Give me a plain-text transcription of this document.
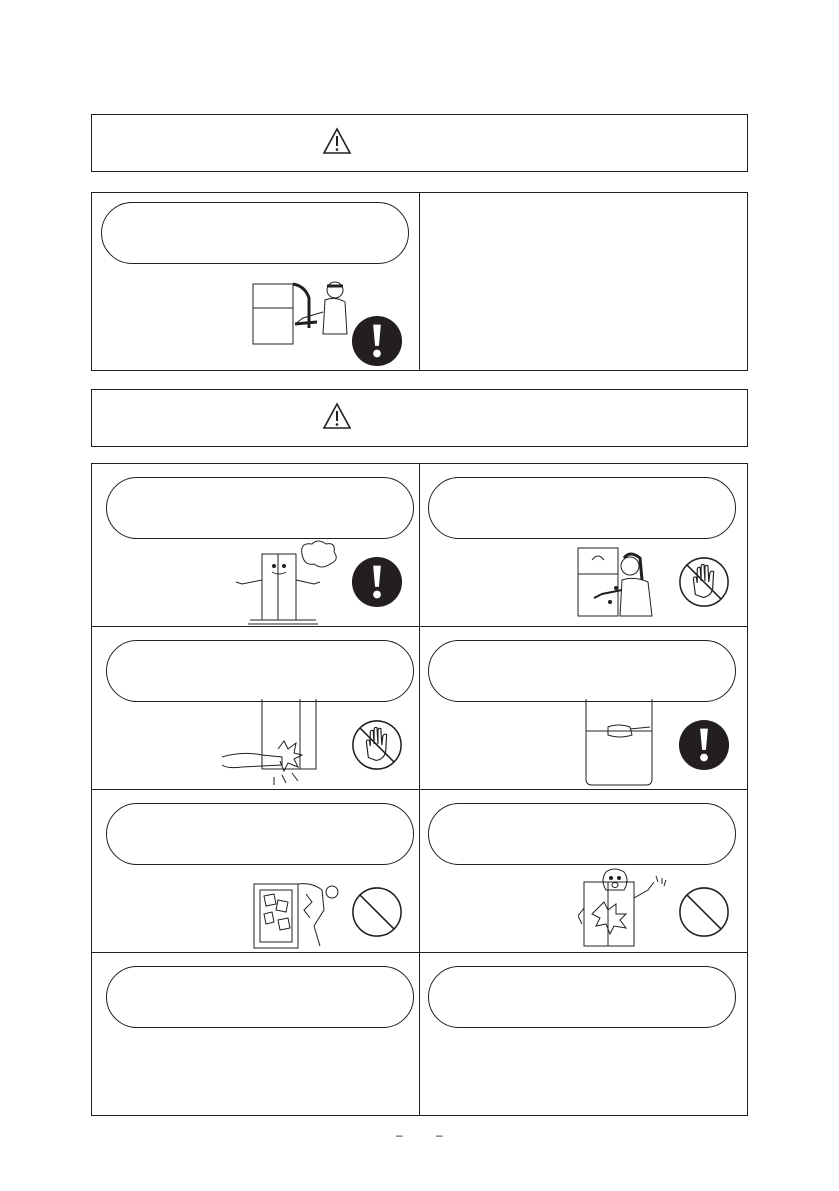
–	–
